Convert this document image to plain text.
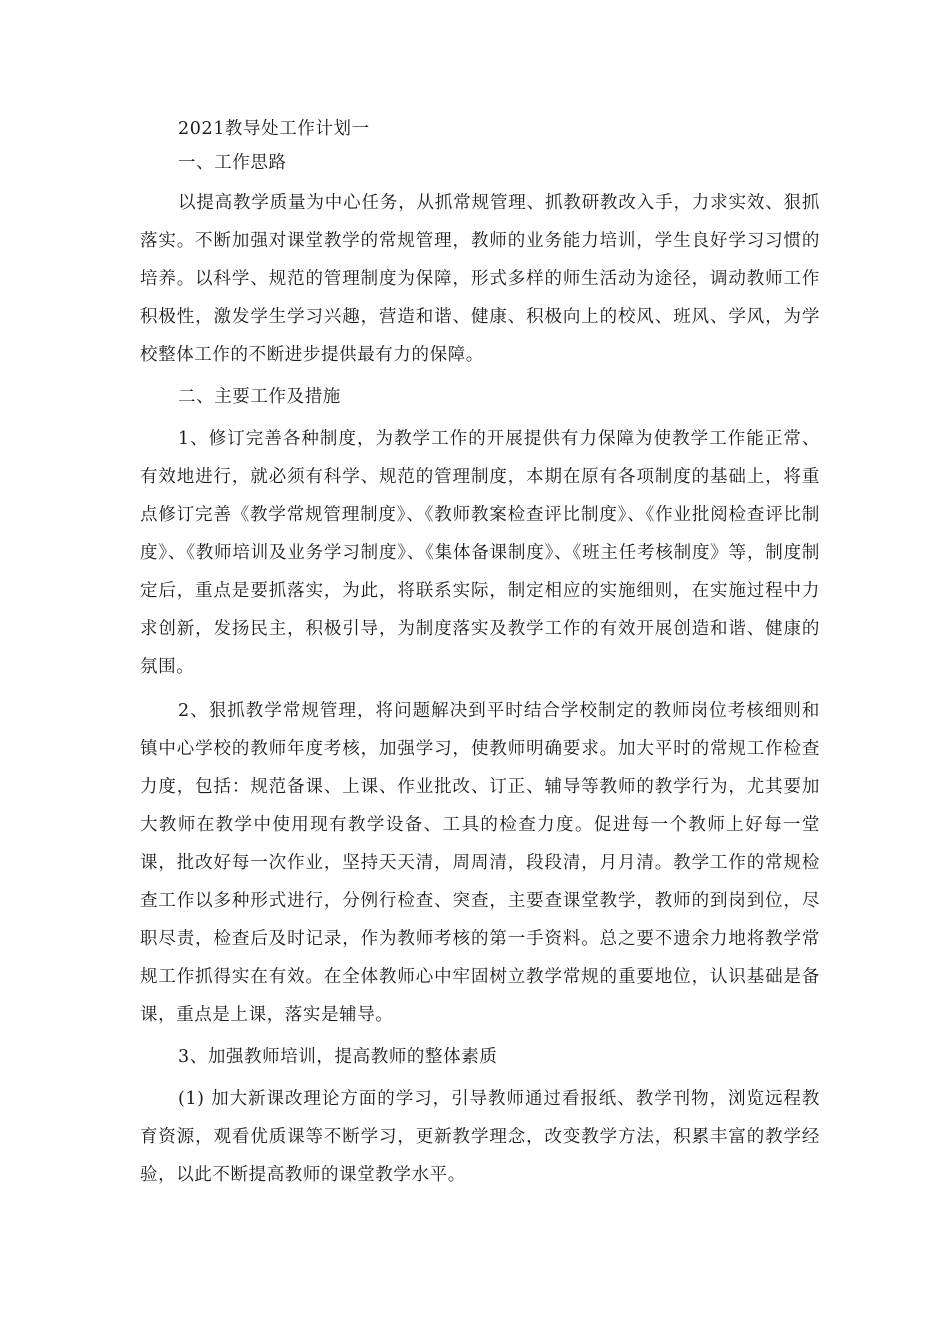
2021教导处工作计划一

一、工作思路

以提高教学质量为中心任务，从抓常规管理、抓教研教改入手，力求实效、狠抓落实。不断加强对课堂教学的常规管理，教师的业务能力培训，学生良好学习习惯的培养。以科学、规范的管理制度为保障，形式多样的师生活动为途径，调动教师工作积极性，激发学生学习兴趣，营造和谐、健康、积极向上的校风、班风、学风，为学校整体工作的不断进步提供最有力的保障。

二、主要工作及措施

1、修订完善各种制度，为教学工作的开展提供有力保障为使教学工作能正常、有效地进行，就必须有科学、规范的管理制度，本期在原有各项制度的基础上，将重点修订完善《教学常规管理制度》、《教师教案检查评比制度》、《作业批阅检查评比制度》、《教师培训及业务学习制度》、《集体备课制度》、《班主任考核制度》等，制度制定后，重点是要抓落实，为此，将联系实际，制定相应的实施细则，在实施过程中力求创新，发扬民主，积极引导，为制度落实及教学工作的有效开展创造和谐、健康的氛围。

2、狠抓教学常规管理，将问题解决到平时结合学校制定的教师岗位考核细则和镇中心学校的教师年度考核，加强学习，使教师明确要求。加大平时的常规工作检查力度，包括：规范备课、上课、作业批改、订正、辅导等教师的教学行为，尤其要加大教师在教学中使用现有教学设备、工具的检查力度。促进每一个教师上好每一堂课，批改好每一次作业，坚持天天清，周周清，段段清，月月清。教学工作的常规检查工作以多种形式进行，分例行检查、突查，主要查课堂教学，教师的到岗到位，尽职尽责，检查后及时记录，作为教师考核的第一手资料。总之要不遗余力地将教学常规工作抓得实在有效。在全体教师心中牢固树立教学常规的重要地位，认识基础是备课，重点是上课，落实是辅导。

3、加强教师培训，提高教师的整体素质

(1) 加大新课改理论方面的学习，引导教师通过看报纸、教学刊物，浏览远程教育资源，观看优质课等不断学习，更新教学理念，改变教学方法，积累丰富的教学经验，以此不断提高教师的课堂教学水平。
